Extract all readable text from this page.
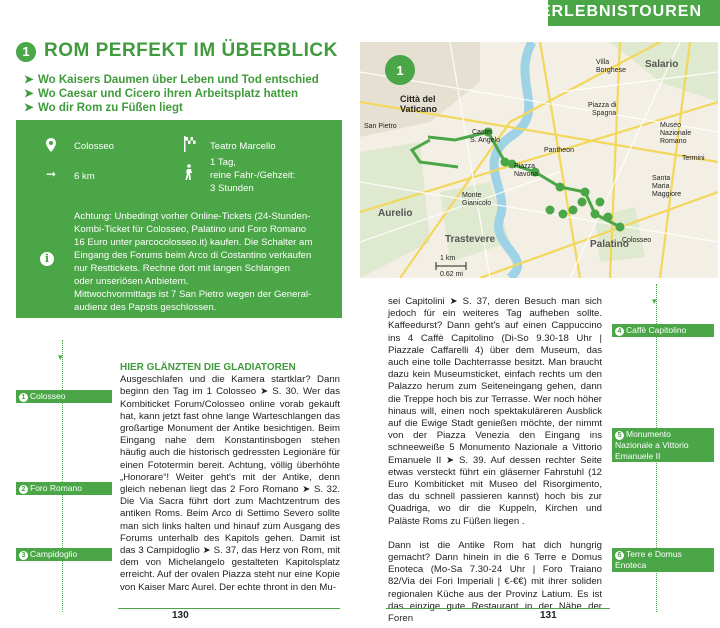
ERLEBNISTOUREN
1 ROM PERFEKT IM ÜBERBLICK
➤ Wo Kaisers Daumen über Leben und Tod entschied
➤ Wo Caesar und Cicero ihren Arbeitsplatz hatten
➤ Wo dir Rom zu Füßen liegt
Colosseo	Teatro Marcello
➞ 6 km
1 Tag,
reine Fahr-/Gehzeit:
3 Stunden
i
Achtung: Unbedingt vorher Online-Tickets (24-Stunden-
Kombi-Ticket für Colosseo, Palatino und Foro Romano
16 Euro unter parcocolosseo.it) kaufen. Die Schalter am
Eingang des Forums beim Arco di Costantino verkaufen
nur Resttickets. Rechne dort mit langen Schlangen
oder unseriösen Anbietern.
Mittwochvormittags ist 7 San Pietro wegen der General-
audienz des Papsts geschlossen.
▾
1 Colosseo
2 Foro Romano
3 Campidoglio

HIER GLÄNZTEN DIE GLADIATOREN

Ausgeschlafen und die Kamera startklar? Dann beginn den Tag im 1 Colosseo ➤ S. 30. Wer das Kombiticket Forum/Colosseo online vorab gekauft hat, kann jetzt fast ohne lange Warteschlangen das großartige Monument der Antike besichtigen. Beim Eingang nahe dem Konstantinsbogen stehen häufig auch die historisch gedressten Legionäre für einen Fototermin bereit. Achtung, völlig überhöhte „Honorare“! Weiter geht's mit der Antike, denn gleich nebenan liegt das 2 Foro Romano ➤ S. 32. Die Via Sacra führt dort zum Machtzentrum des antiken Roms. Beim Arco di Settimo Severo sollte man sich links halten und hinauf zum Ausgang des Forums unterhalb des Kapitols gehen. Damit ist das 3 Campidoglio ➤ S. 37, das Herz von Rom, mit dem von Michelangelo gestalteten Kapitolsplatz erreicht. Auf der ovalen Piazza steht nur eine Kopie von Kaiser Marc Aurel. Der echte thront in den Mu-

sei Capitolini ➤ S. 37, deren Besuch man sich jedoch für ein weiteres Tag aufheben sollte. Kaffeedurst? Dann geht's auf einen Cappuccino ins 4 Caffè Capitolino (Di-So 9.30-18 Uhr | Piazzale Caffarelli 4) über dem Museum, das auch eine tolle Dachterrasse besitzt. Man braucht dazu kein Museumsticket, einfach rechts um den Palazzo herum zum Seiteneingang gehen, dann die Treppe hoch bis zur Terrasse. Wer noch höher hinaus will, einen noch spektakuläreren Ausblick auf die Ewige Stadt genießen möchte, der nimmt von der Piazza Venezia den Eingang ins schneeweiße 5 Monumento Nazionale a Vittorio Emanuele II ➤ S. 39. Auf dessen rechter Seite etwas versteckt führt ein gläserner Fahrstuhl (12 Euro Kombiticket mit Museo del Risorgimento, das du schnell passieren kannst) hoch bis zur Quadriga, wo dir die Kuppeln, Kirchen und Paläste Roms zu Füßen liegen .

Dann ist die Antike Rom hat dich hungrig gemacht? Dann hinein in die 6 Terre e Domus Enoteca (Mo-Sa 7.30-24 Uhr | Foro Traiano 82/Via dei Fori Imperiali | €-€€) mit ihrer soliden regionalen Küche aus der Provinz Latium. Es ist das einzige gute Restaurant in der Nähe der Foren

▾
4 Caffè Capitolino
5 Monumento Nazionale a Vittorio Emanuele II
6 Terre e Domus Enoteca
1
Città del
Vaticano
Salario
Aurelio
Trastevere	Palatino
Monte
Gianicolo
San Pietro
Castel
S. Angelo
Piazza di
Spagna
Museo
Nazionale
Romano
Termini
Santa
Maria
Maggiore
Colosseo
Villa
Borghese
Piazza
Navona
Pantheon
1 km
0.62 mi
130	131
